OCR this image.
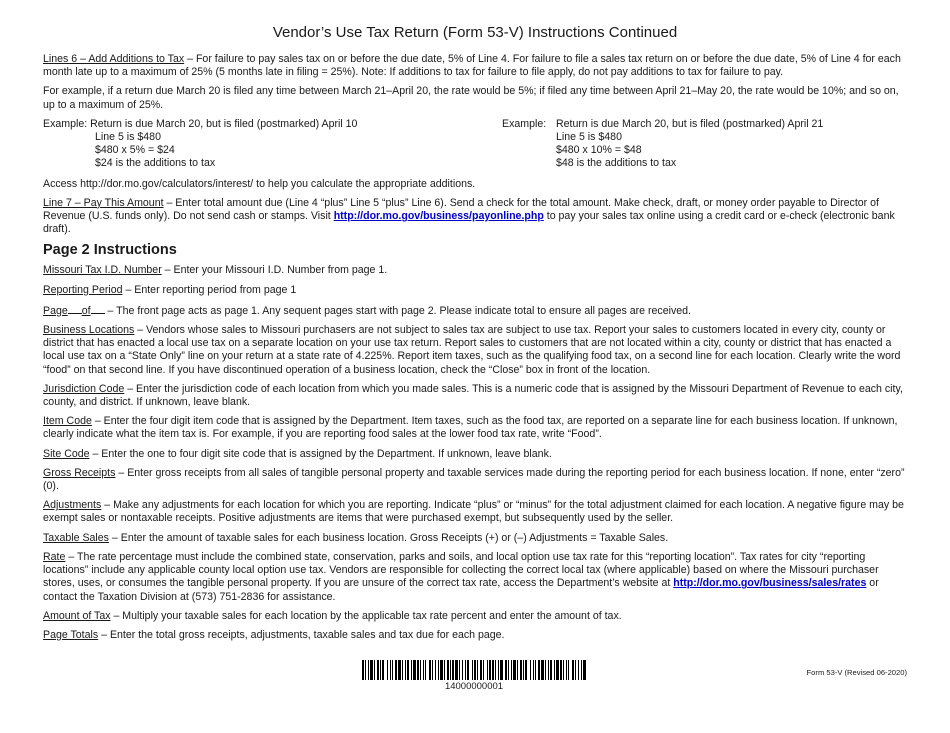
Vendor’s Use Tax Return (Form 53-V) Instructions Continued

Lines 6 – Add Additions to Tax – For failure to pay sales tax on or before the due date, 5% of Line 4. For failure to file a sales tax return on or before the due date, 5% of Line 4 for each month late up to a maximum of 25% (5 months late in filing = 25%). Note: If additions to tax for failure to file apply, do not pay additions to tax for failure to pay.

For example, if a return due March 20 is filed any time between March 21–April 20, the rate would be 5%; if filed any time between April 21–May 20, the rate would be 10%; and so on, up to a maximum of 25%.

Example: Return is due March 20, but is filed (postmarked) April 10
Line 5 is $480
$480 x 5% = $24
$24 is the additions to tax
Example: Return is due March 20, but is filed (postmarked) April 21
Line 5 is $480
$480 x 10% = $48
$48 is the additions to tax

Access http://dor.mo.gov/calculators/interest/ to help you calculate the appropriate additions.

Line 7 – Pay This Amount – Enter total amount due (Line 4 “plus” Line 5 “plus” Line 6). Send a check for the total amount. Make check, draft, or money order payable to Director of Revenue (U.S. funds only). Do not send cash or stamps. Visit http://dor.mo.gov/business/payonline.php to pay your sales tax online using a credit card or e-check (electronic bank draft).

Page 2 Instructions

Missouri Tax I.D. Number – Enter your Missouri I.D. Number from page 1.

Reporting Period – Enter reporting period from page 1

Page of – The front page acts as page 1. Any sequent pages start with page 2. Please indicate total to ensure all pages are received.

Business Locations – Vendors whose sales to Missouri purchasers are not subject to sales tax are subject to use tax. Report your sales to customers located in every city, county or district that has enacted a local use tax on a separate location on your use tax return. Report sales to customers that are not located within a city, county or district that has enacted a local use tax on a “State Only” line on your return at a state rate of 4.225%. Report item taxes, such as the qualifying food tax, on a second line for each location. Clearly write the word “food” on that second line. If you have discontinued operation of a business location, check the “Close” box in front of the location.

Jurisdiction Code – Enter the jurisdiction code of each location from which you made sales. This is a numeric code that is assigned by the Missouri Department of Revenue to each city, county, and district. If unknown, leave blank.

Item Code – Enter the four digit item code that is assigned by the Department. Item taxes, such as the food tax, are reported on a separate line for each business location. If unknown, clearly indicate what the item tax is. For example, if you are reporting food sales at the lower food tax rate, write “Food”.

Site Code – Enter the one to four digit site code that is assigned by the Department. If unknown, leave blank.

Gross Receipts – Enter gross receipts from all sales of tangible personal property and taxable services made during the reporting period for each business location. If none, enter “zero” (0).

Adjustments – Make any adjustments for each location for which you are reporting. Indicate “plus” or “minus” for the total adjustment claimed for each location. A negative figure may be exempt sales or nontaxable receipts. Positive adjustments are items that were purchased exempt, but subsequently used by the seller.

Taxable Sales – Enter the amount of taxable sales for each business location. Gross Receipts (+) or (–) Adjustments = Taxable Sales.

Rate – The rate percentage must include the combined state, conservation, parks and soils, and local option use tax rate for this “reporting location”. Tax rates for city “reporting locations” include any applicable county local option use tax. Vendors are responsible for collecting the correct local tax (where applicable) based on where the Missouri purchaser stores, uses, or consumes the tangible personal property. If you are unsure of the correct tax rate, access the Department’s website at http://dor.mo.gov/business/sales/rates or contact the Taxation Division at (573) 751-2836 for assistance.

Amount of Tax – Multiply your taxable sales for each location by the applicable tax rate percent and enter the amount of tax.

Page Totals – Enter the total gross receipts, adjustments, taxable sales and tax due for each page.

14000000001
Form 53-V (Revised 06-2020)
